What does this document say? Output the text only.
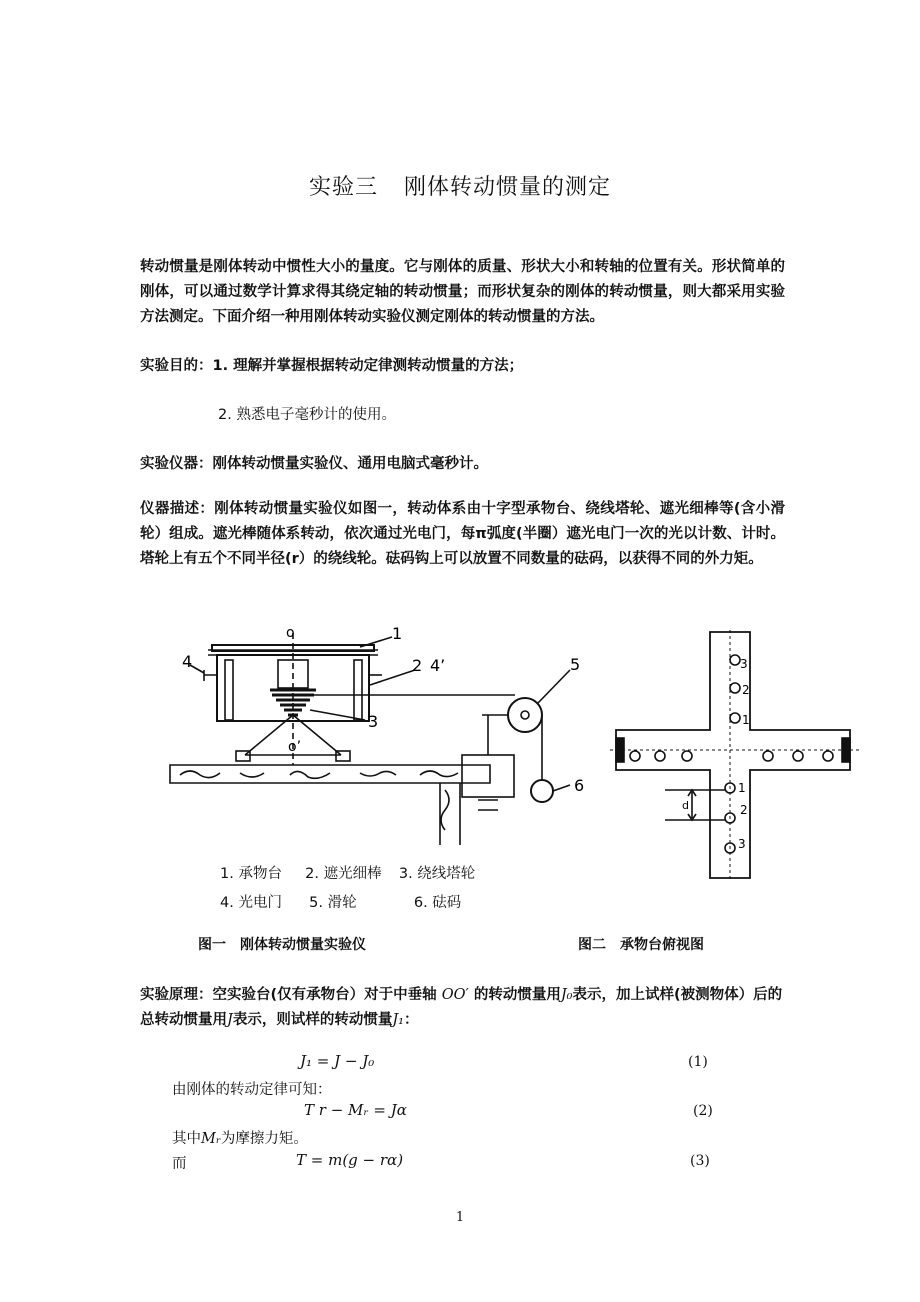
实验三 刚体转动惯量的测定
转动惯量是刚体转动中惯性大小的量度。它与刚体的质量、形状大小和转轴的位置有关。形状简单的刚体，可以通过数学计算求得其绕定轴的转动惯量；而形状复杂的刚体的转动惯量，则大都采用实验方法测定。下面介绍一种用刚体转动实验仪测定刚体的转动惯量的方法。
实验目的：1. 理解并掌握根据转动定律测转动惯量的方法；
2. 熟悉电子毫秒计的使用。
实验仪器：刚体转动惯量实验仪、通用电脑式毫秒计。
仪器描述：刚体转动惯量实验仪如图一，转动体系由十字型承物台、绕线塔轮、遮光细棒等(含小滑轮）组成。遮光棒随体系转动，依次通过光电门，每π弧度(半圈）遮光电门一次的光以计数、计时。塔轮上有五个不同半径(r）的绕线轮。砝码钩上可以放置不同数量的砝码，以获得不同的外力矩。
1
2 4’
3
4	5
6
o
o’
1. 承物台 2. 遮光细棒 3. 绕线塔轮
4. 光电门 5. 滑轮	6. 砝码
3
2
1
1
2
3
d
图一　刚体转动惯量实验仪	图二　承物台俯视图
实验原理：空实验台(仅有承物台）对于中垂轴 OO′ 的转动惯量用J₀表示，加上试样(被测物体）后的总转动惯量用J表示，则试样的转动惯量J₁：
J₁ = J − J₀	(1)
由刚体的转动定律可知：
T r − Mᵣ = Jα	(2)
其中Mᵣ为摩擦力矩。
而	T = m(g − rα)	(3)
1
